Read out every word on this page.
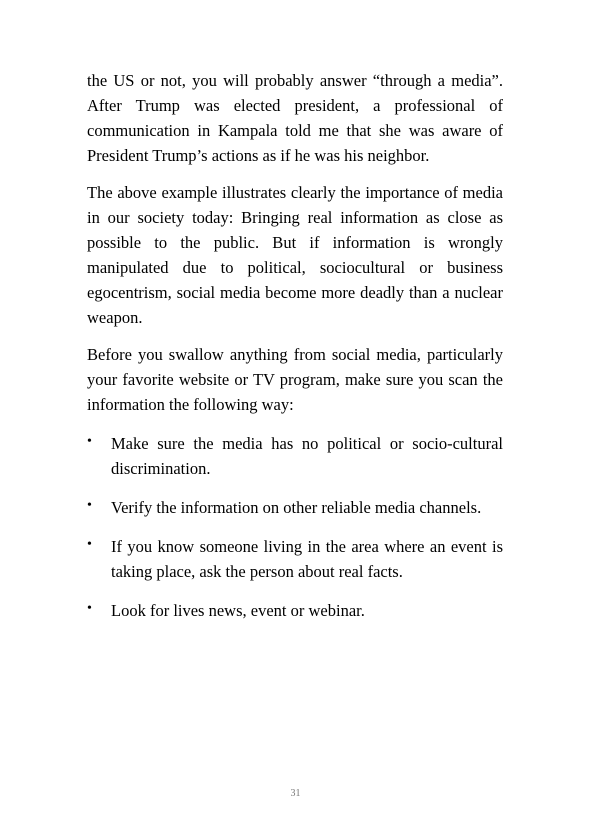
the US or not, you will probably answer “through a media”. After Trump was elected president, a professional of communication in Kampala told me that she was aware of President Trump’s actions as if he was his neighbor.

The above example illustrates clearly the importance of media in our society today: Bringing real information as close as possible to the public. But if information is wrongly manipulated due to political, sociocultural or business egocentrism, social media become more deadly than a nuclear weapon.

Before you swallow anything from social media, particularly your favorite website or TV program, make sure you scan the information the following way:

• Make sure the media has no political or socio-cultural discrimination.
• Verify the information on other reliable media channels.
• If you know someone living in the area where an event is taking place, ask the person about real facts.
• Look for lives news, event or webinar.
31
